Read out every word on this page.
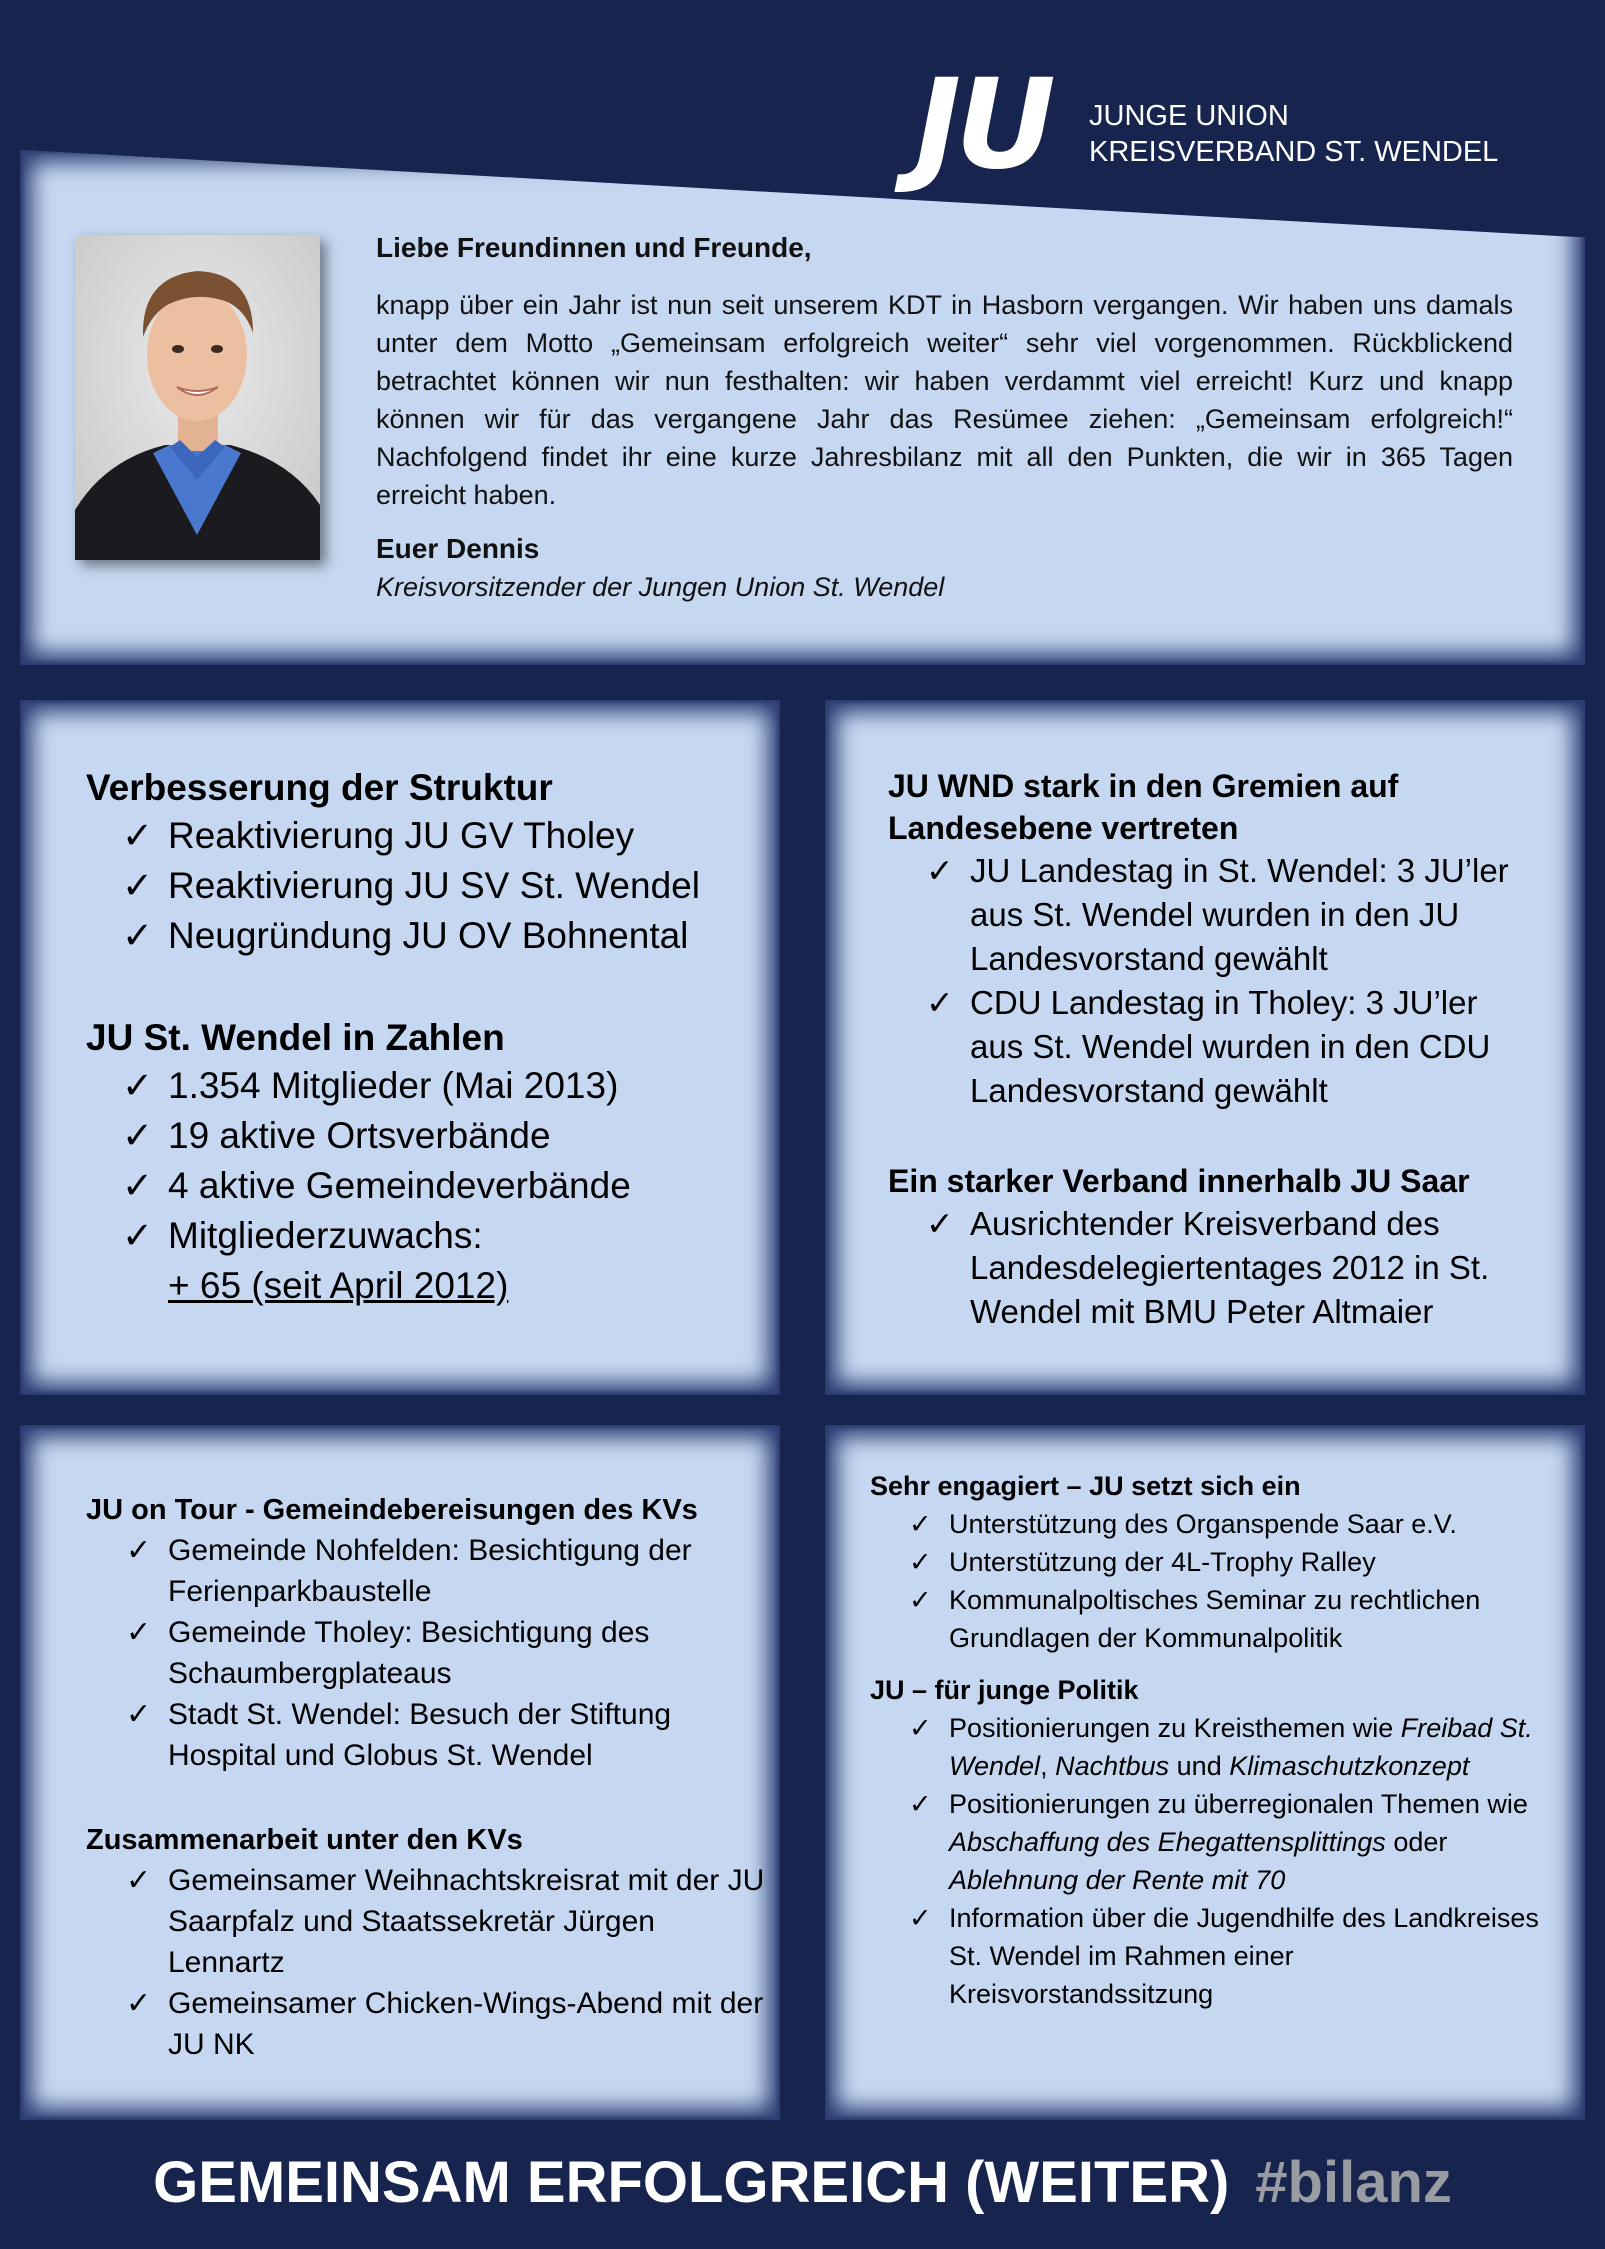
JU JUNGE UNION
KREISVERBAND ST. WENDEL

Liebe Freundinnen und Freunde,

knapp über ein Jahr ist nun seit unserem KDT in Hasborn vergangen. Wir haben uns damals unter dem Motto „Gemeinsam erfolgreich weiter“ sehr viel vorgenommen. Rückblickend betrachtet können wir nun festhalten: wir haben verdammt viel erreicht! Kurz und knapp können wir für das vergangene Jahr das Resümee ziehen: „Gemeinsam erfolgreich!“ Nachfolgend findet ihr eine kurze Jahresbilanz mit all den Punkten, die wir in 365 Tagen erreicht haben.

Euer Dennis

Kreisvorsitzender der Jungen Union St. Wendel

Verbesserung der Struktur
✓ Reaktivierung JU GV Tholey
✓ Reaktivierung JU SV St. Wendel
✓ Neugründung JU OV Bohnental
JU St. Wendel in Zahlen
✓ 1.354 Mitglieder (Mai 2013)
✓ 19 aktive Ortsverbände
✓ 4 aktive Gemeindeverbände
✓ Mitgliederzuwachs:
+ 65 (seit April 2012)
JU WND stark in den Gremien auf
Landesebene vertreten
✓ JU Landestag in St. Wendel: 3 JU’ler aus St. Wendel wurden in den JU Landesvorstand gewählt
✓ CDU Landestag in Tholey: 3 JU’ler aus St. Wendel wurden in den CDU Landesvorstand gewählt
Ein starker Verband innerhalb JU Saar
✓ Ausrichtender Kreisverband des Landesdelegiertentages 2012 in St. Wendel mit BMU Peter Altmaier
JU on Tour - Gemeindebereisungen des KVs
✓ Gemeinde Nohfelden: Besichtigung der Ferienparkbaustelle
✓ Gemeinde Tholey: Besichtigung des Schaumbergplateaus
✓ Stadt St. Wendel: Besuch der Stiftung Hospital und Globus St. Wendel
Zusammenarbeit unter den KVs
✓ Gemeinsamer Weihnachtskreisrat mit der JU Saarpfalz und Staatssekretär Jürgen Lennartz
✓ Gemeinsamer Chicken-Wings-Abend mit der JU NK
Sehr engagiert – JU setzt sich ein
✓ Unterstützung des Organspende Saar e.V.
✓ Unterstützung der 4L-Trophy Ralley
✓ Kommunalpoltisches Seminar zu rechtlichen Grundlagen der Kommunalpolitik
JU – für junge Politik
✓ Positionierungen zu Kreisthemen wie Freibad St. Wendel, Nachtbus und Klimaschutzkonzept
✓ Positionierungen zu überregionalen Themen wie Abschaffung des Ehegattensplittings oder Ablehnung der Rente mit 70
✓ Information über die Jugendhilfe des Landkreises St. Wendel im Rahmen einer Kreisvorstandssitzung
GEMEINSAM ERFOLGREICH (WEITER) #bilanz
